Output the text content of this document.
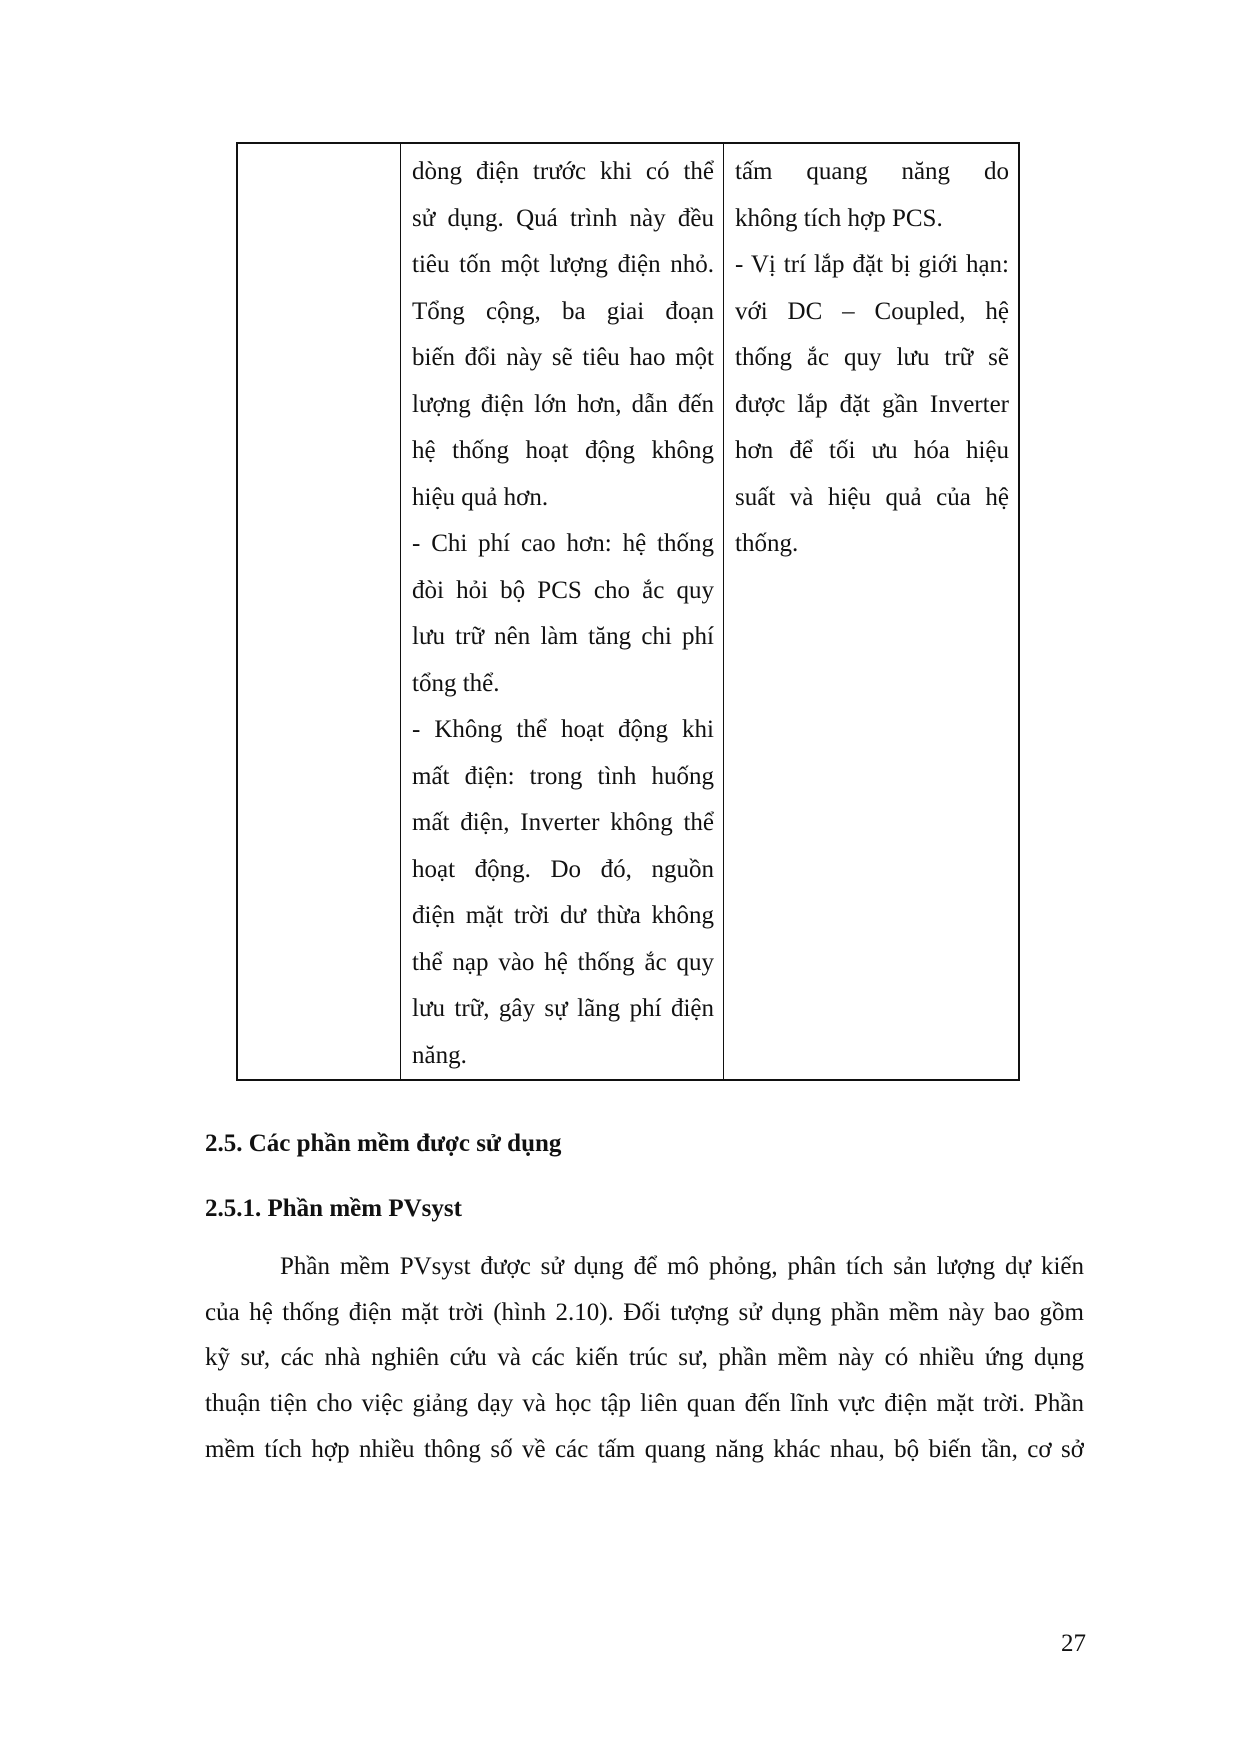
dòng điện trước khi có thể
sử dụng. Quá trình này đều
tiêu tốn một lượng điện nhỏ.
Tổng cộng, ba giai đoạn
biến đổi này sẽ tiêu hao một
lượng điện lớn hơn, dẫn đến
hệ thống hoạt động không
hiệu quả hơn.
- Chi phí cao hơn: hệ thống
đòi hỏi bộ PCS cho ắc quy
lưu trữ nên làm tăng chi phí
tổng thể.
- Không thể hoạt động khi
mất điện: trong tình huống
mất điện, Inverter không thể
hoạt động. Do đó, nguồn
điện mặt trời dư thừa không
thể nạp vào hệ thống ắc quy
lưu trữ, gây sự lãng phí điện
năng.
tấm quang năng do
không tích hợp PCS.
- Vị trí lắp đặt bị giới hạn:
với DC – Coupled, hệ
thống ắc quy lưu trữ sẽ
được lắp đặt gần Inverter
hơn để tối ưu hóa hiệu
suất và hiệu quả của hệ
thống.
2.5. Các phần mềm được sử dụng
2.5.1. Phần mềm PVsyst
Phần mềm PVsyst được sử dụng để mô phỏng, phân tích sản lượng dự kiến
của hệ thống điện mặt trời (hình 2.10). Đối tượng sử dụng phần mềm này bao gồm
kỹ sư, các nhà nghiên cứu và các kiến trúc sư, phần mềm này có nhiều ứng dụng
thuận tiện cho việc giảng dạy và học tập liên quan đến lĩnh vực điện mặt trời. Phần
mềm tích hợp nhiều thông số về các tấm quang năng khác nhau, bộ biến tần, cơ sở
27
